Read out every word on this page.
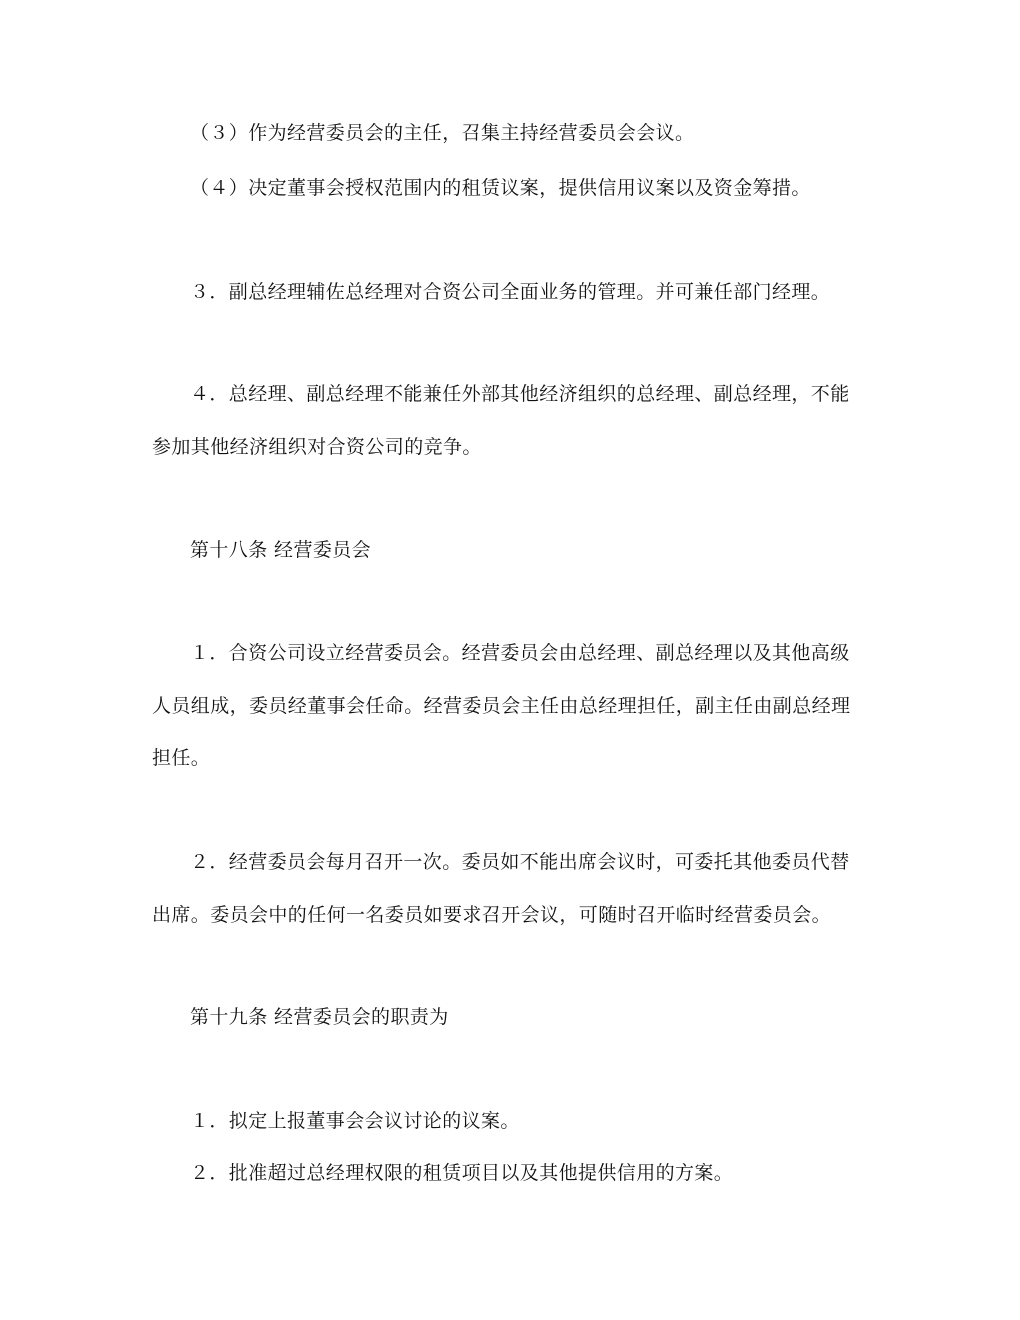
（３）作为经营委员会的主任，召集主持经营委员会会议。
（４）决定董事会授权范围内的租赁议案，提供信用议案以及资金筹措。
３．副总经理辅佐总经理对合资公司全面业务的管理。并可兼任部门经理。
４．总经理、副总经理不能兼任外部其他经济组织的总经理、副总经理，不能
参加其他经济组织对合资公司的竞争。
第十八条 经营委员会
１．合资公司设立经营委员会。经营委员会由总经理、副总经理以及其他高级
人员组成，委员经董事会任命。经营委员会主任由总经理担任，副主任由副总经理
担任。
２．经营委员会每月召开一次。委员如不能出席会议时，可委托其他委员代替
出席。委员会中的任何一名委员如要求召开会议，可随时召开临时经营委员会。
第十九条 经营委员会的职责为
１．拟定上报董事会会议讨论的议案。
２．批准超过总经理权限的租赁项目以及其他提供信用的方案。
